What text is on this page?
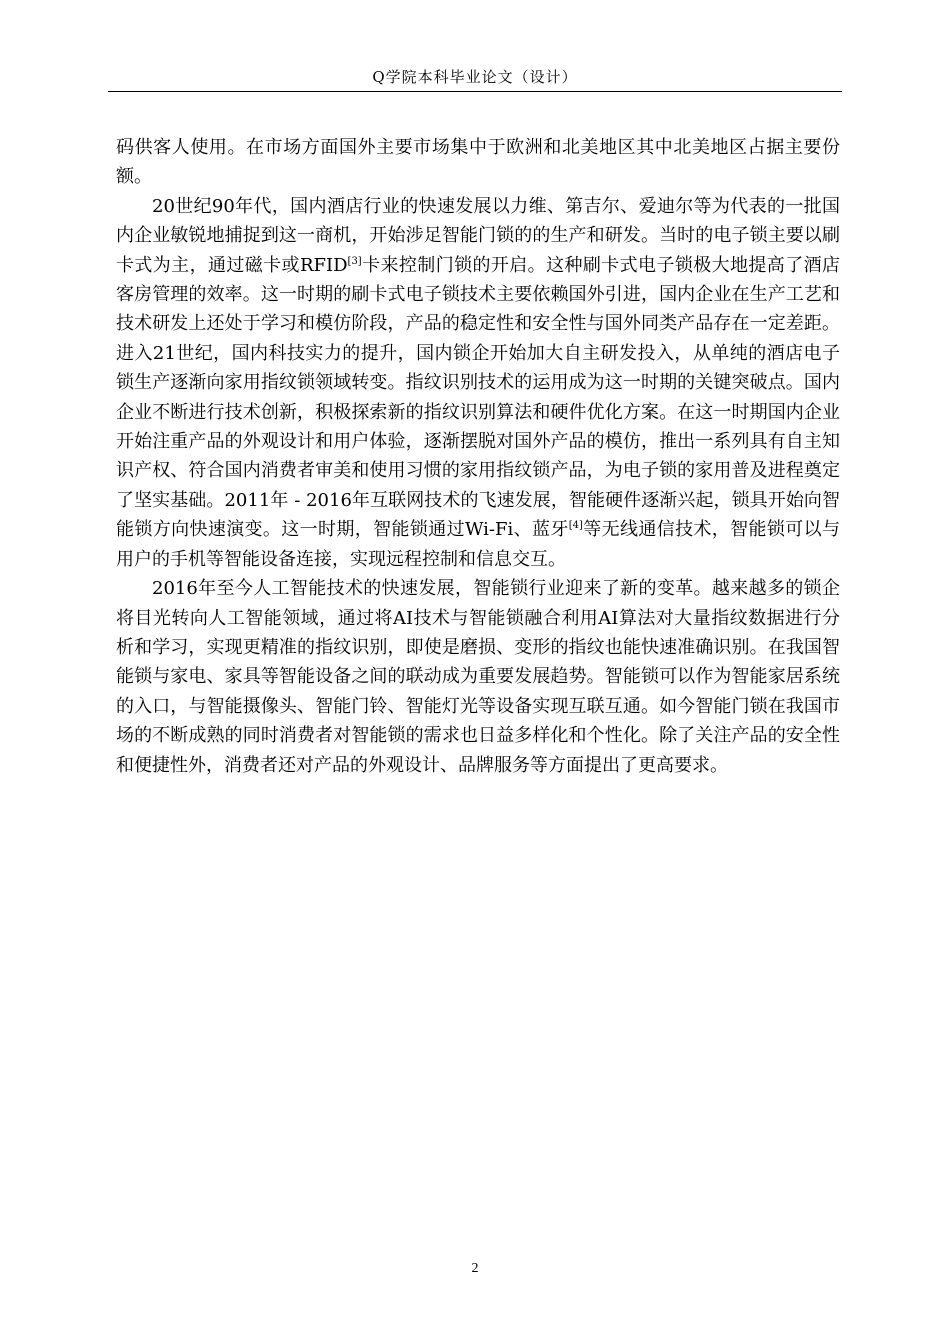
Q学院本科毕业论文（设计）

码供客人使用。在市场方面国外主要市场集中于欧洲和北美地区其中北美地区占据主要份额。

20世纪90年代，国内酒店行业的快速发展以力维、第吉尔、爱迪尔等为代表的一批国内企业敏锐地捕捉到这一商机，开始涉足智能门锁的的生产和研发。当时的电子锁主要以刷卡式为主，通过磁卡或RFID[3]卡来控制门锁的开启。这种刷卡式电子锁极大地提高了酒店客房管理的效率。这一时期的刷卡式电子锁技术主要依赖国外引进，国内企业在生产工艺和技术研发上还处于学习和模仿阶段，产品的稳定性和安全性与国外同类产品存在一定差距。进入21世纪，国内科技实力的提升，国内锁企开始加大自主研发投入，从单纯的酒店电子锁生产逐渐向家用指纹锁领域转变。指纹识别技术的运用成为这一时期的关键突破点。国内企业不断进行技术创新，积极探索新的指纹识别算法和硬件优化方案。在这一时期国内企业开始注重产品的外观设计和用户体验，逐渐摆脱对国外产品的模仿，推出一系列具有自主知识产权、符合国内消费者审美和使用习惯的家用指纹锁产品，为电子锁的家用普及进程奠定了坚实基础。2011年 - 2016年互联网技术的飞速发展，智能硬件逐渐兴起，锁具开始向智能锁方向快速演变。这一时期，智能锁通过Wi-Fi、蓝牙[4]等无线通信技术，智能锁可以与用户的手机等智能设备连接，实现远程控制和信息交互。

2016年至今人工智能技术的快速发展，智能锁行业迎来了新的变革。越来越多的锁企将目光转向人工智能领域，通过将AI技术与智能锁融合利用AI算法对大量指纹数据进行分析和学习，实现更精准的指纹识别，即使是磨损、变形的指纹也能快速准确识别。在我国智能锁与家电、家具等智能设备之间的联动成为重要发展趋势。智能锁可以作为智能家居系统的入口，与智能摄像头、智能门铃、智能灯光等设备实现互联互通。如今智能门锁在我国市场的不断成熟的同时消费者对智能锁的需求也日益多样化和个性化。除了关注产品的安全性和便捷性外，消费者还对产品的外观设计、品牌服务等方面提出了更高要求。

2
